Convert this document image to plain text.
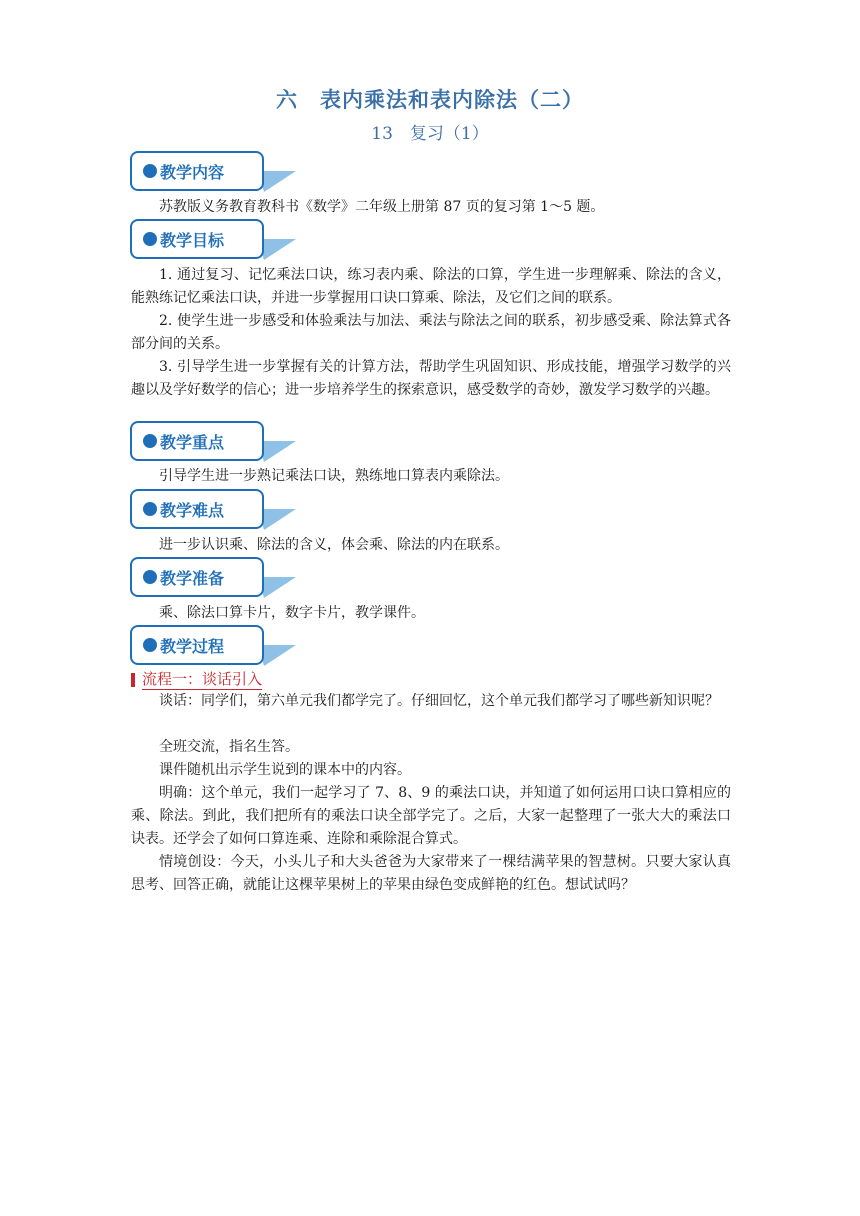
六　表内乘法和表内除法（二）
13　复习（1）
教学内容

苏教版义务教育教科书《数学》二年级上册第 87 页的复习第 1～5 题。

教学目标

1. 通过复习、记忆乘法口诀，练习表内乘、除法的口算，学生进一步理解乘、除法的含义，能熟练记忆乘法口诀，并进一步掌握用口诀口算乘、除法，及它们之间的联系。

2. 使学生进一步感受和体验乘法与加法、乘法与除法之间的联系，初步感受乘、除法算式各部分间的关系。

3. 引导学生进一步掌握有关的计算方法，帮助学生巩固知识、形成技能，增强学习数学的兴趣以及学好数学的信心；进一步培养学生的探索意识，感受数学的奇妙，激发学习数学的兴趣。

教学重点

引导学生进一步熟记乘法口诀，熟练地口算表内乘除法。

教学难点

进一步认识乘、除法的含义，体会乘、除法的内在联系。

教学准备

乘、除法口算卡片，数字卡片，教学课件。

教学过程
流程一：谈话引入

谈话：同学们，第六单元我们都学完了。仔细回忆，这个单元我们都学习了哪些新知识呢？

全班交流，指名生答。

课件随机出示学生说到的课本中的内容。

明确：这个单元，我们一起学习了 7、8、9 的乘法口诀，并知道了如何运用口诀口算相应的乘、除法。到此，我们把所有的乘法口诀全部学完了。之后，大家一起整理了一张大大的乘法口诀表。还学会了如何口算连乘、连除和乘除混合算式。

情境创设：今天，小头儿子和大头爸爸为大家带来了一棵结满苹果的智慧树。只要大家认真思考、回答正确，就能让这棵苹果树上的苹果由绿色变成鲜艳的红色。想试试吗？
